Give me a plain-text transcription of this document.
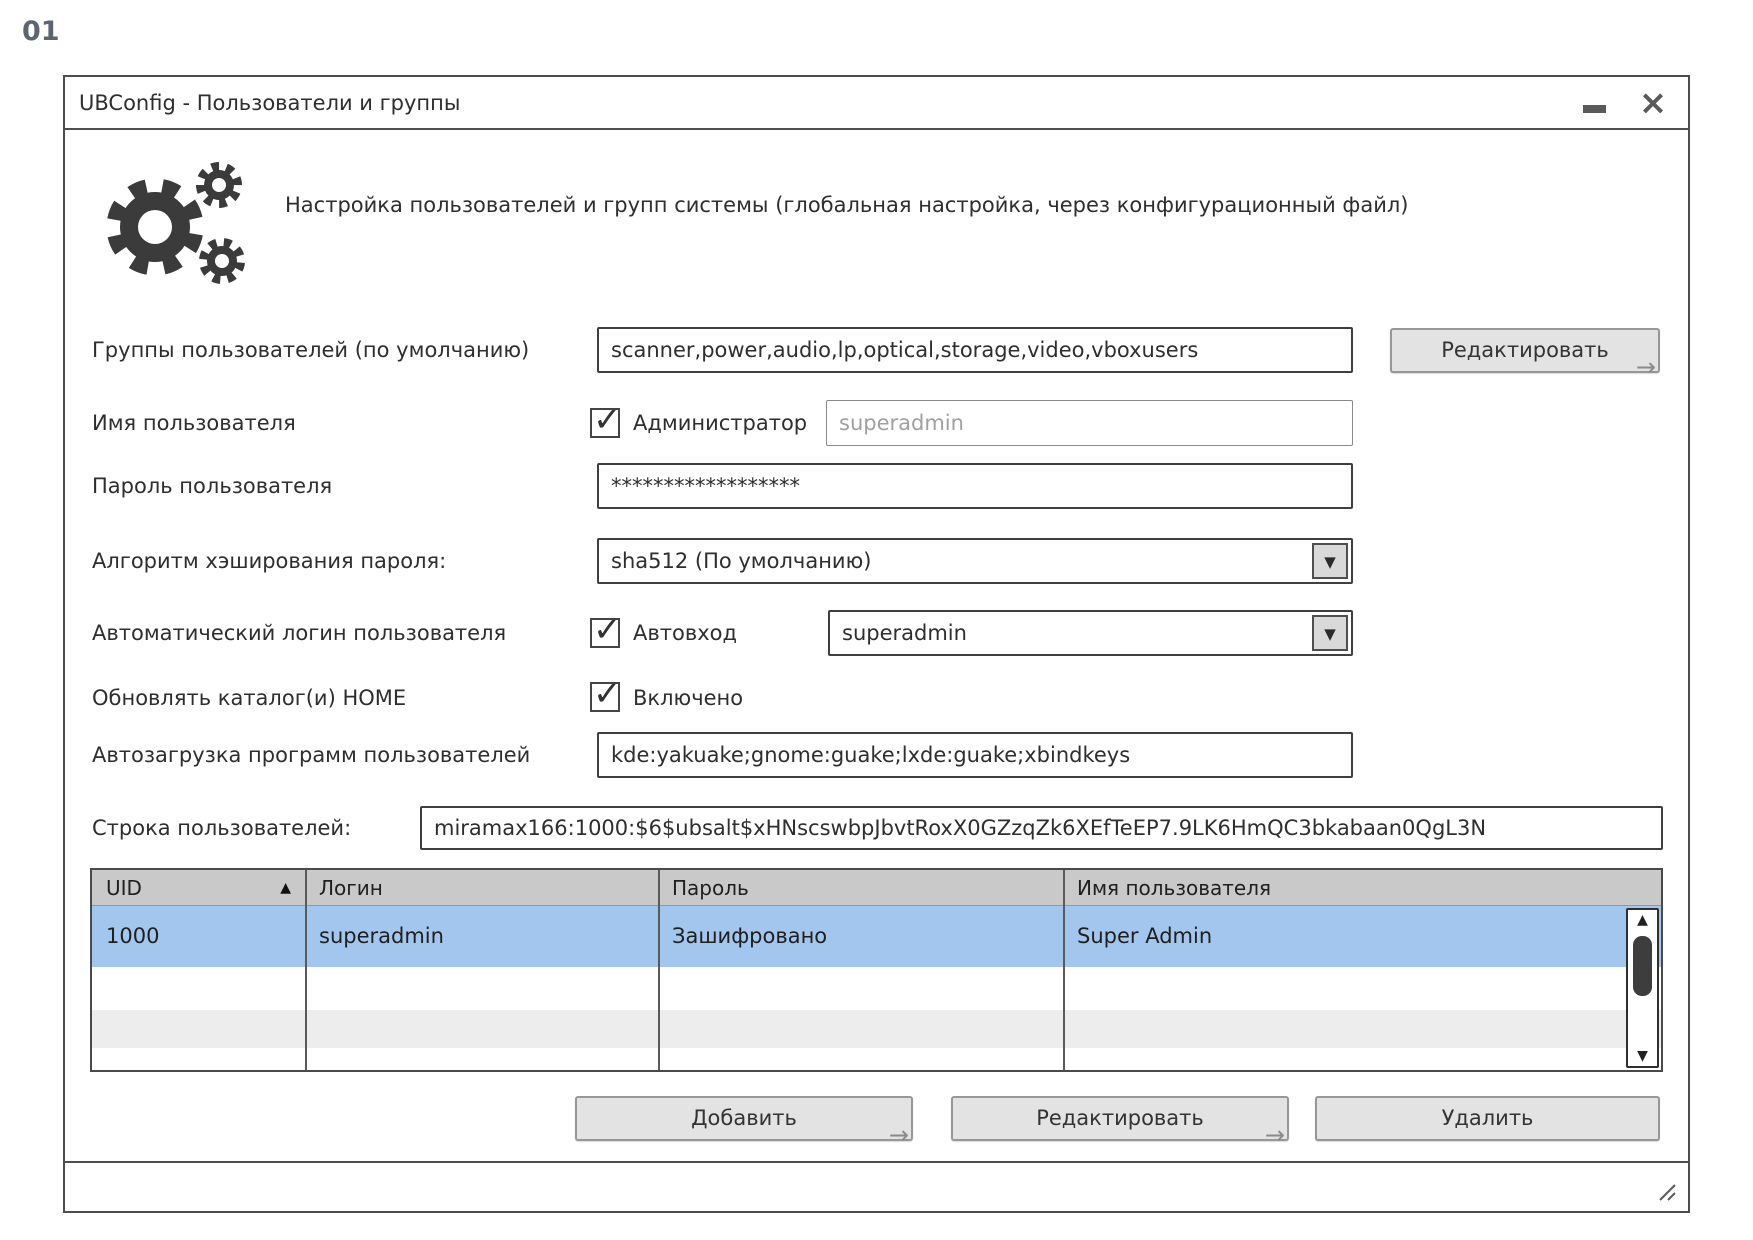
01
UBConfig - Пользователи и группы	×
Настройка пользователей и групп системы (глобальная настройка, через конфигурационный файл)
Группы пользователей (по умолчанию)
scanner,power,audio,lp,optical,storage,video,vboxusers	Редактировать
→
Имя пользователя	✓ Администратор
superadmin
Пароль пользователя
******************
Алгоритм хэширования пароля:	sha512 (По умолчанию)	▼
Автоматический логин пользователя	✓ Автовход	superadmin	▼
Обновлять каталог(и) HOME	✓ Включено
Автозагрузка программ пользователей
kde:yakuake;gnome:guake;lxde:guake;xbindkeys
Строка пользователей:
miramax166:1000:$6$ubsalt$xHNscswbpJbvtRoxX0GZzqZk6XEfTeEP7.9LK6HmQC3bkabaan0QgL3N
UID	▲	Логин	Пароль	Имя пользователя
1000	superadmin	Зашифровано	Super Admin
▲
▼
Добавить
→
Редактировать
→
Удалить
